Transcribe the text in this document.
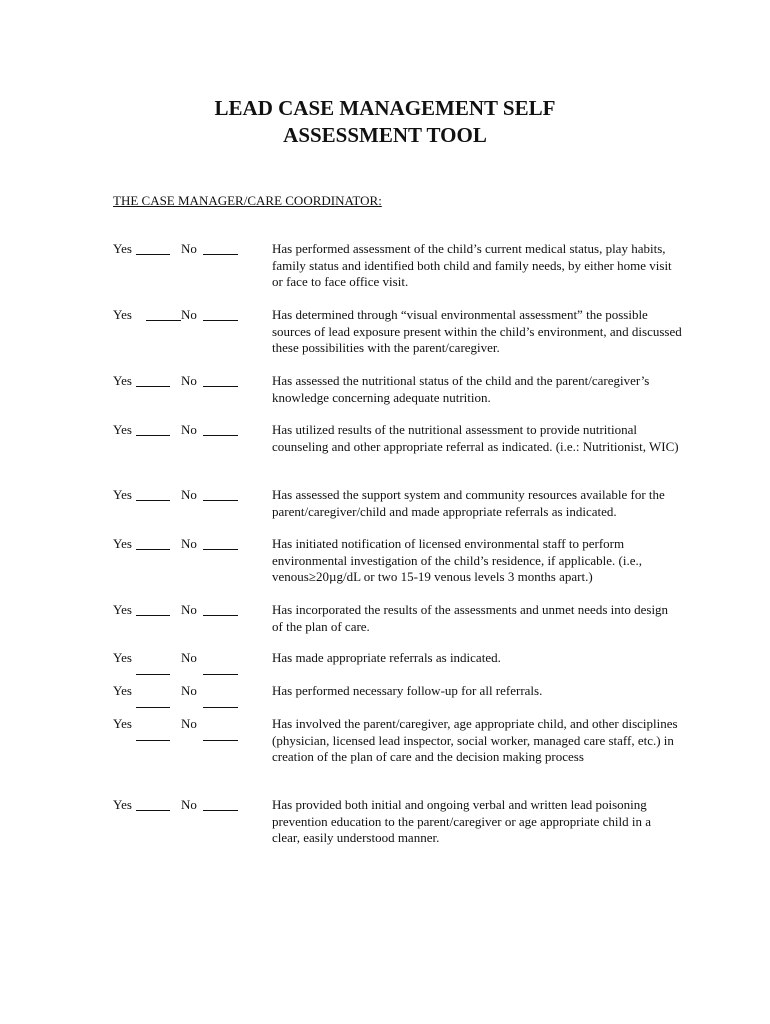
LEAD CASE MANAGEMENT SELF
ASSESSMENT TOOL
THE CASE MANAGER/CARE COORDINATOR:
Yes	No	Has performed assessment of the child’s current medical status, play habits, family status and identified both child and family needs, by either home visit or face to face office visit.
Yes	No	Has determined through “visual environmental assessment” the possible sources of lead exposure present within the child’s environment, and discussed these possibilities with the parent/caregiver.
Yes	No	Has assessed the nutritional status of the child and the parent/caregiver’s knowledge concerning adequate nutrition.
Yes	No	Has utilized results of the nutritional assessment to provide nutritional counseling and other appropriate referral as indicated. (i.e.: Nutritionist, WIC)
Yes	No	Has assessed the support system and community resources available for the parent/caregiver/child and made appropriate referrals as indicated.
Yes	No	Has initiated notification of licensed environmental staff to perform environmental investigation of the child’s residence, if applicable. (i.e., venous≥20µg/dL or two 15-19 venous levels 3 months apart.)
Yes	No	Has incorporated the results of the assessments and unmet needs into design of the plan of care.
Yes	No	Has made appropriate referrals as indicated.
Yes	No	Has performed necessary follow-up for all referrals.
Yes	No	Has involved the parent/caregiver, age appropriate child, and other disciplines (physician, licensed lead inspector, social worker, managed care staff, etc.) in creation of the plan of care and the decision making process
Yes	No	Has provided both initial and ongoing verbal and written lead poisoning prevention education to the parent/caregiver or age appropriate child in a clear, easily understood manner.
